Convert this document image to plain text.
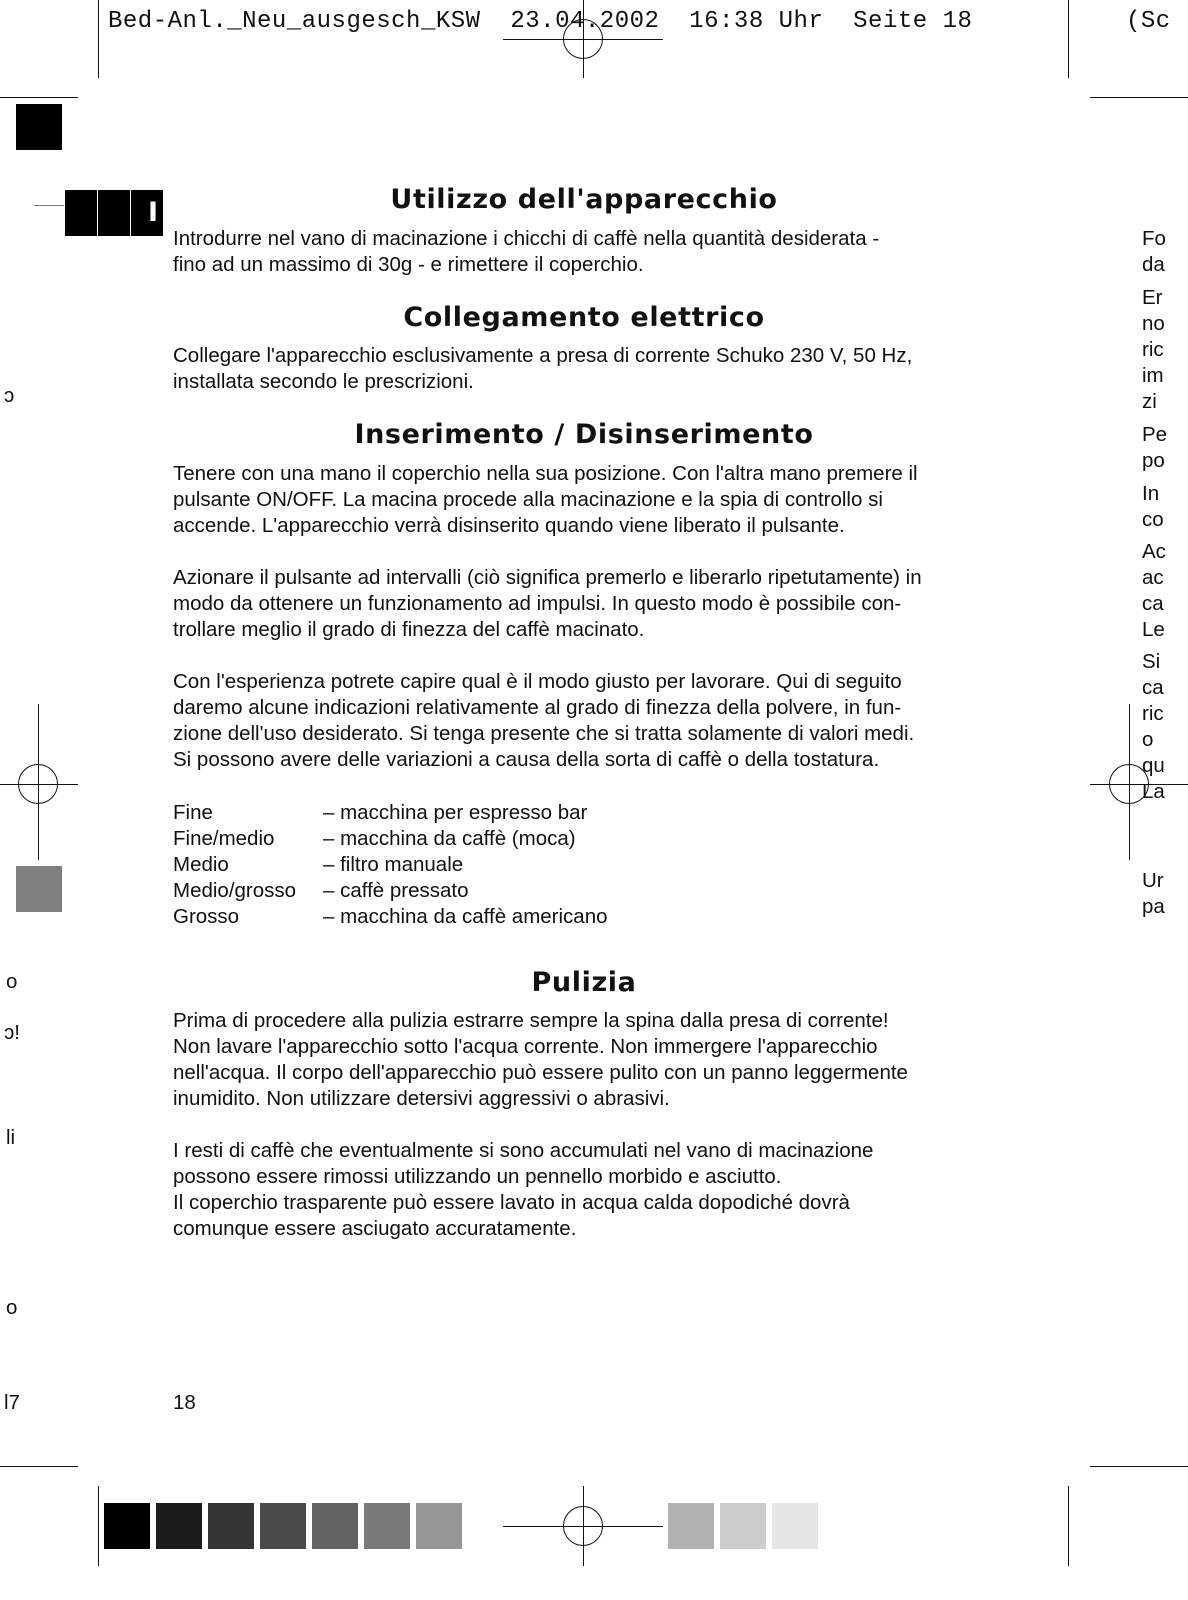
Bed-Anl._Neu_ausgesch_KSW 23.04.2002 16:38 Uhr Seite 18	(Sc
I	Utilizzo dell'apparecchio

Introdurre nel vano di macinazione i chicchi di caffè nella quantità desiderata -
fino ad un massimo di 30g - e rimettere il coperchio.

Collegamento elettrico

Collegare l'apparecchio esclusivamente a presa di corrente Schuko 230 V, 50 Hz,
installata secondo le prescrizioni.

Inserimento / Disinserimento

Tenere con una mano il coperchio nella sua posizione. Con l'altra mano premere il
pulsante ON/OFF. La macina procede alla macinazione e la spia di controllo si
accende. L'apparecchio verrà disinserito quando viene liberato il pulsante.

Azionare il pulsante ad intervalli (ciò significa premerlo e liberarlo ripetutamente) in
modo da ottenere un funzionamento ad impulsi. In questo modo è possibile con-
trollare meglio il grado di finezza del caffè macinato.

Con l'esperienza potrete capire qual è il modo giusto per lavorare. Qui di seguito
daremo alcune indicazioni relativamente al grado di finezza della polvere, in fun-
zione dell'uso desiderato. Si tenga presente che si tratta solamente di valori medi.
Si possono avere delle variazioni a causa della sorta di caffè o della tostatura.

Fine	– macchina per espresso bar
Fine/medio	– macchina da caffè (moca)
Medio	– filtro manuale
Medio/grosso	– caffè pressato
Grosso	– macchina da caffè americano
Pulizia

Prima di procedere alla pulizia estrarre sempre la spina dalla presa di corrente!
Non lavare l'apparecchio sotto l'acqua corrente. Non immergere l'apparecchio
nell'acqua. Il corpo dell'apparecchio può essere pulito con un panno leggermente
inumidito. Non utilizzare detersivi aggressivi o abrasivi.

I resti di caffè che eventualmente si sono accumulati nel vano di macinazione
possono essere rimossi utilizzando un pennello morbido e asciutto.
Il coperchio trasparente può essere lavato in acqua calda dopodiché dovrà
comunque essere asciugato accuratamente.

18
ɔ
o
ɔ!
li
o
l7
Fo
da
Er
no
ric
im
zi
Pe
po
In
co
Ac
ac
ca
Le
Si
ca
ric
o
qu
La
Ur
pa
